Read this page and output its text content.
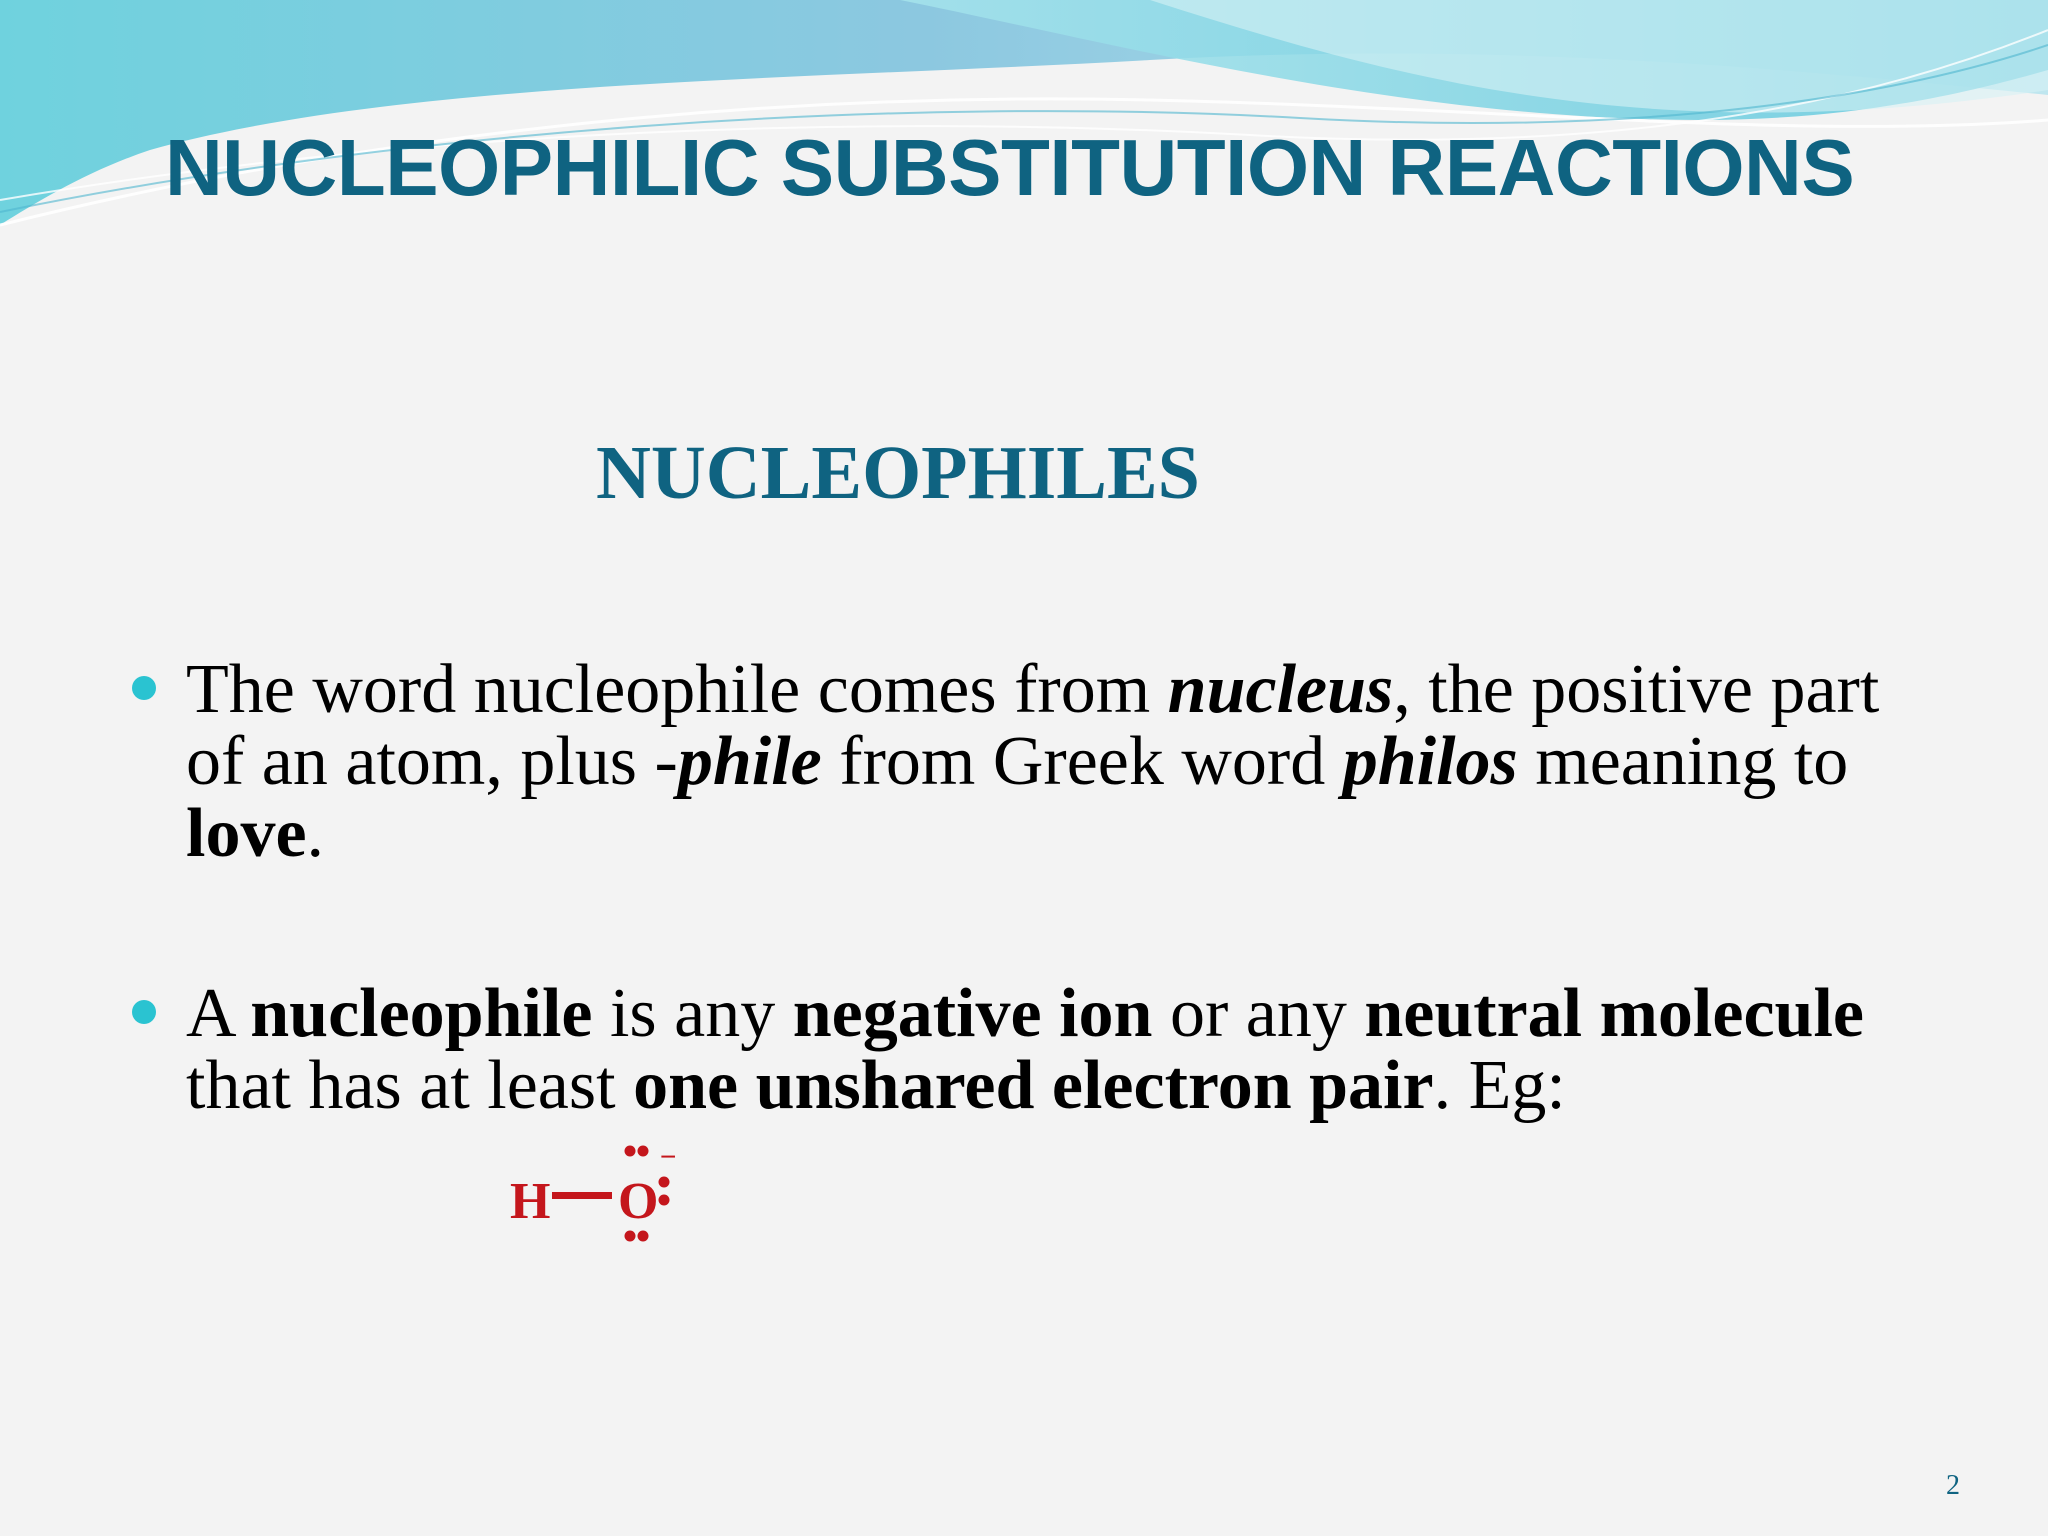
NUCLEOPHILIC SUBSTITUTION REACTIONS
NUCLEOPHILES
The word nucleophile comes from nucleus, the positive part of an atom, plus -phile from Greek word philos meaning to love.
A nucleophile is any negative ion or any neutral molecule that has at least one unshared electron pair. Eg:
H O
−
2
